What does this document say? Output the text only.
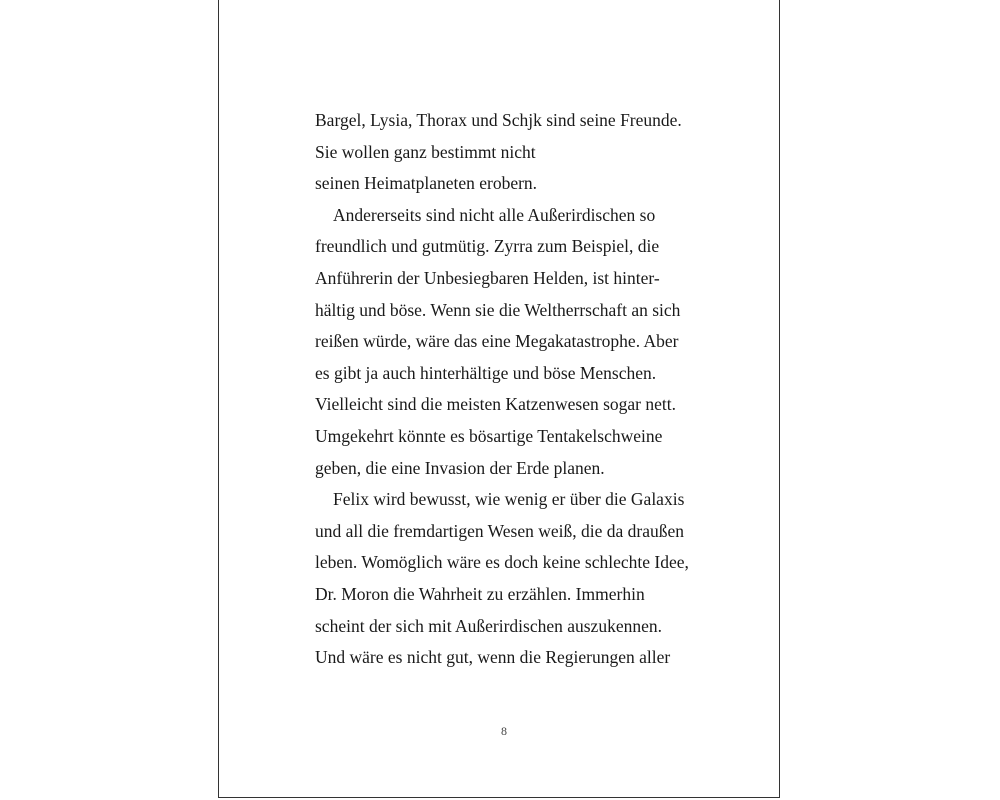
Bargel, Lysia, Thorax und Schjk sind seine Freunde.
Sie wollen ganz bestimmt nicht
seinen Heimatplaneten erobern.
Andererseits sind nicht alle Außerirdischen so
freundlich und gutmütig. Zyrra zum Beispiel, die
Anführerin der Unbesiegbaren Helden, ist hinter-
hältig und böse. Wenn sie die Weltherrschaft an sich
reißen würde, wäre das eine Megakatastrophe. Aber
es gibt ja auch hinterhältige und böse Menschen.
Vielleicht sind die meisten Katzenwesen sogar nett.
Umgekehrt könnte es bösartige Tentakelschweine
geben, die eine Invasion der Erde planen.
Felix wird bewusst, wie wenig er über die Galaxis
und all die fremdartigen Wesen weiß, die da draußen
leben. Womöglich wäre es doch keine schlechte Idee,
Dr. Moron die Wahrheit zu erzählen. Immerhin
scheint der sich mit Außerirdischen auszukennen.
Und wäre es nicht gut, wenn die Regierungen aller
8
